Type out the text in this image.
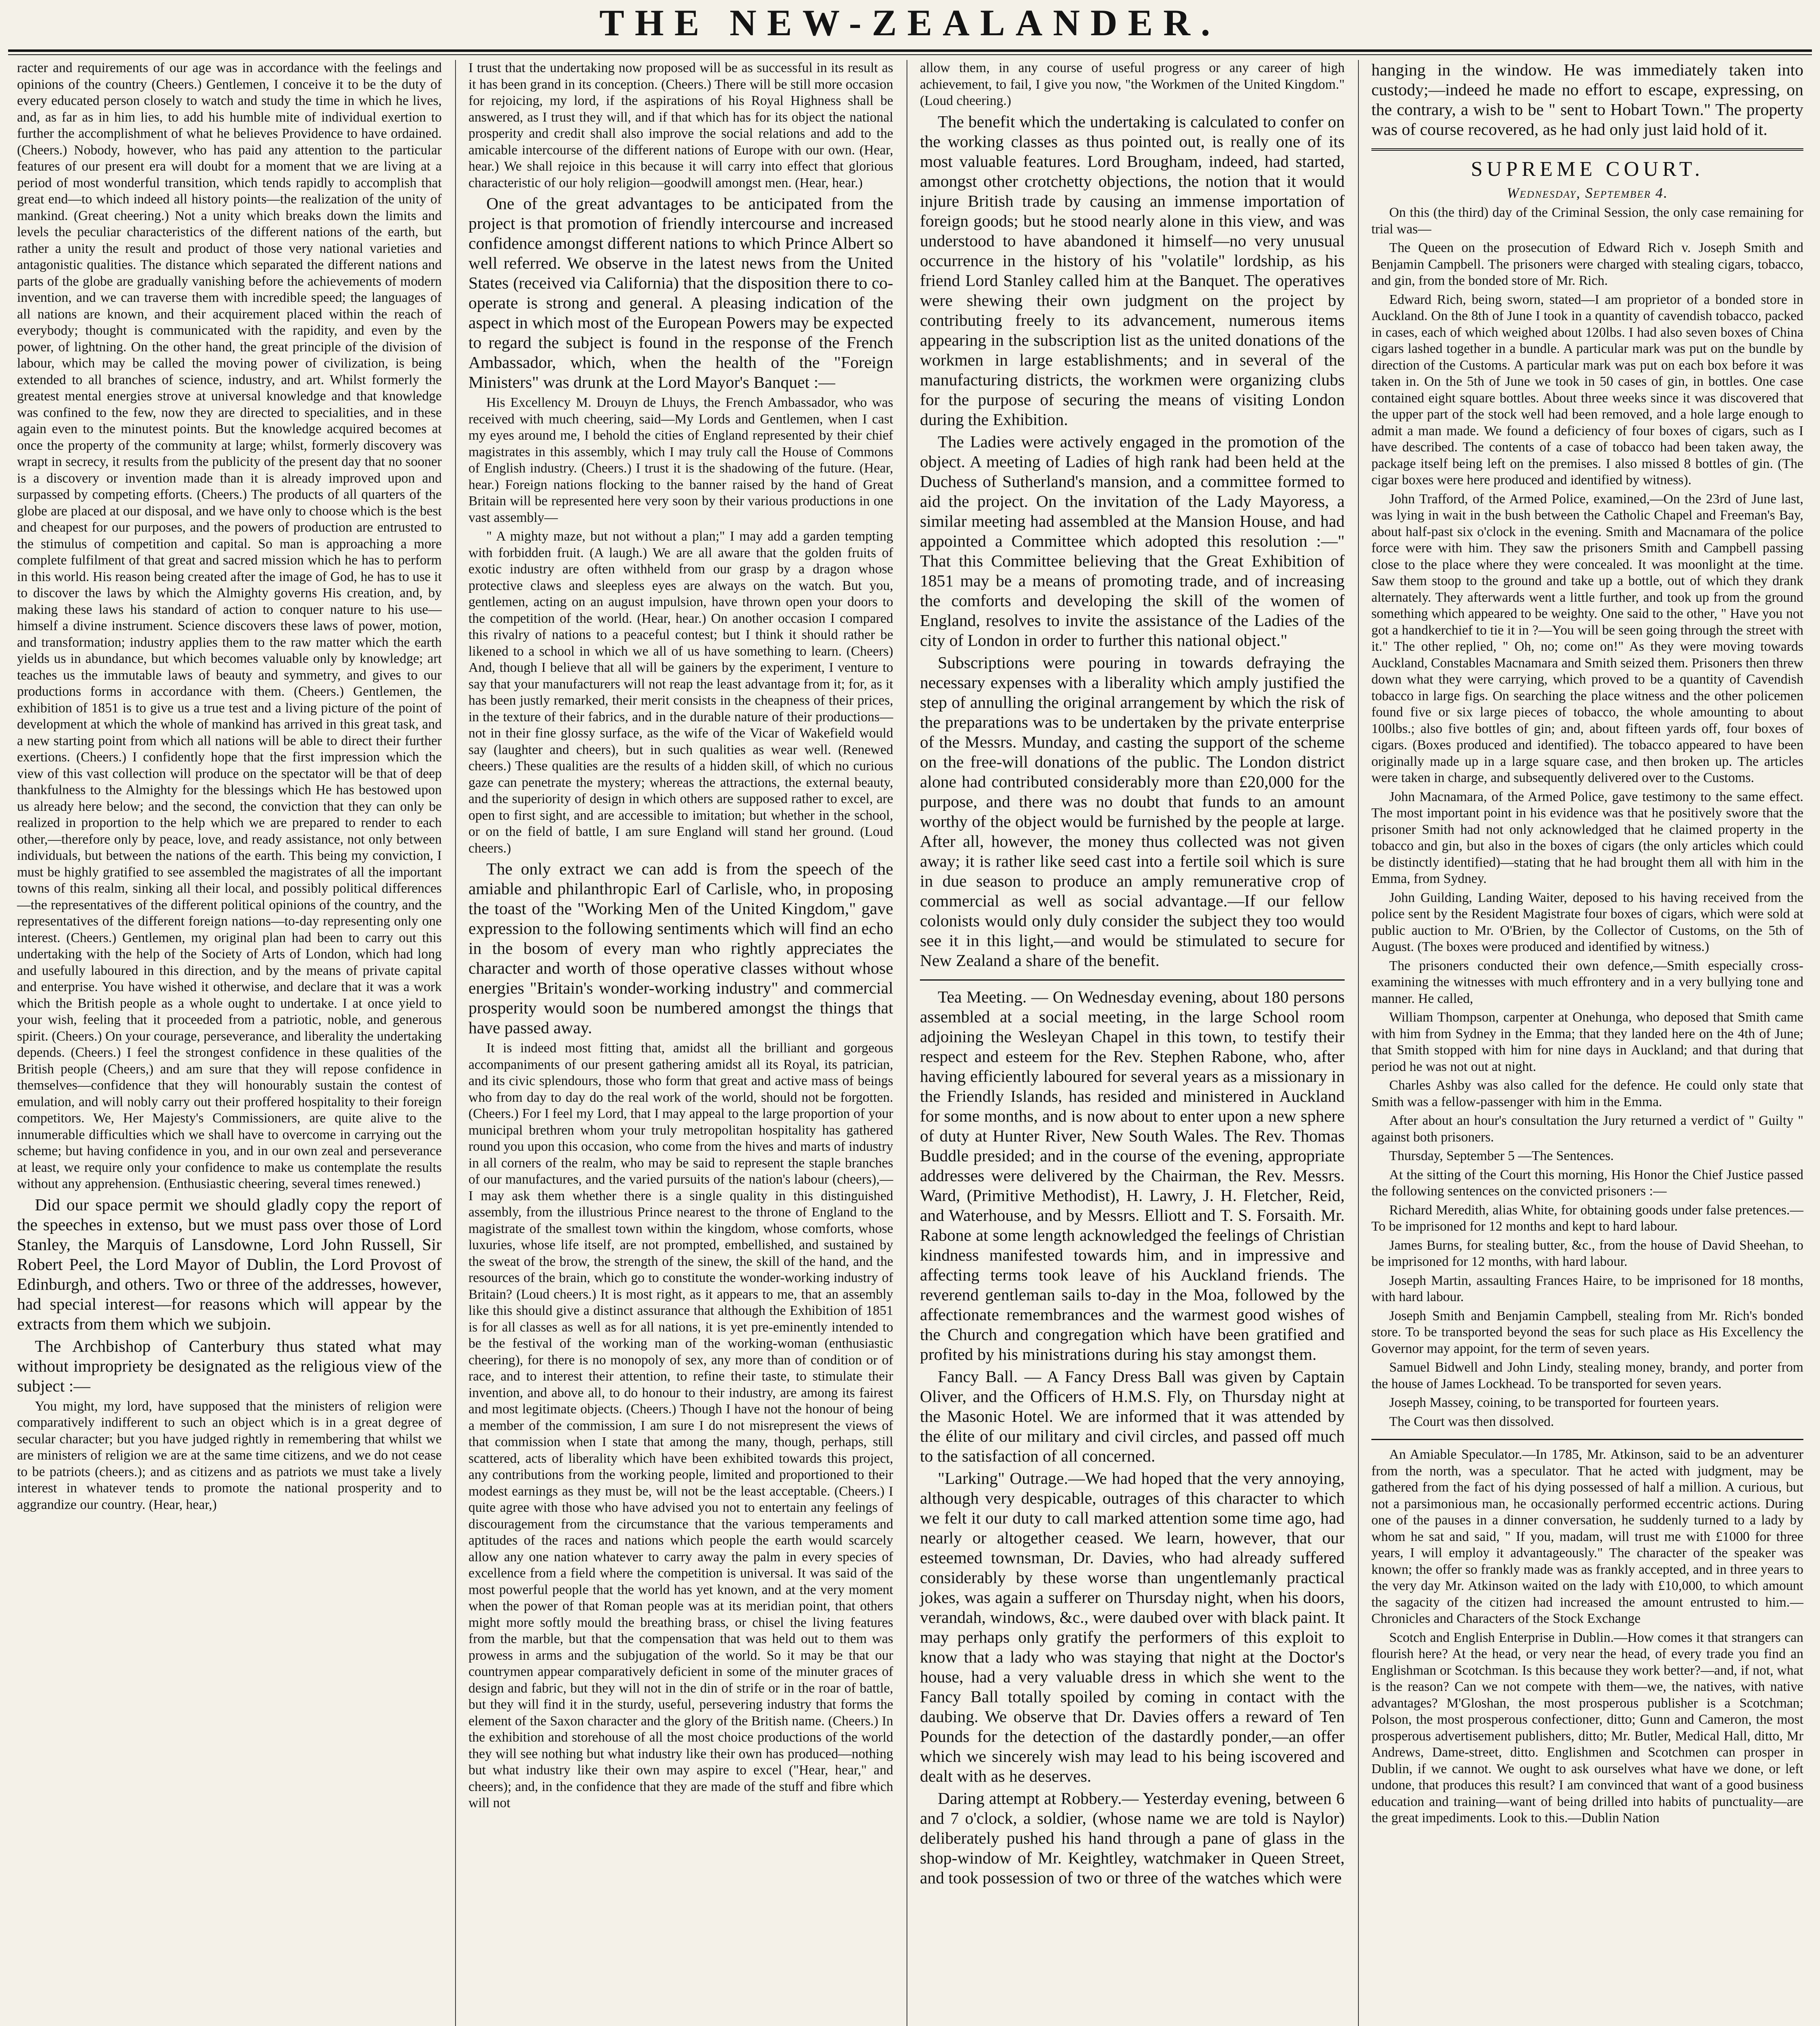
THE NEW-ZEALANDER.

racter and requirements of our age was in accordance with the feelings and opinions of the country (Cheers.) Gentlemen, I conceive it to be the duty of every educated person closely to watch and study the time in which he lives, and, as far as in him lies, to add his humble mite of individual exertion to further the accomplishment of what he believes Providence to have ordained. (Cheers.) Nobody, however, who has paid any attention to the particular features of our present era will doubt for a moment that we are living at a period of most wonderful transition, which tends rapidly to accomplish that great end—to which indeed all history points—the realization of the unity of mankind. (Great cheering.) Not a unity which breaks down the limits and levels the peculiar characteristics of the different nations of the earth, but rather a unity the result and product of those very national varieties and antagonistic qualities. The distance which separated the different nations and parts of the globe are gradually vanishing before the achievements of modern invention, and we can traverse them with incredible speed; the languages of all nations are known, and their acquirement placed within the reach of everybody; thought is communicated with the rapidity, and even by the power, of lightning. On the other hand, the great principle of the division of labour, which may be called the moving power of civilization, is being extended to all branches of science, industry, and art. Whilst formerly the greatest mental energies strove at universal knowledge and that knowledge was confined to the few, now they are directed to specialities, and in these again even to the minutest points. But the knowledge acquired becomes at once the property of the community at large; whilst, formerly discovery was wrapt in secrecy, it results from the publicity of the present day that no sooner is a discovery or invention made than it is already improved upon and surpassed by competing efforts. (Cheers.) The products of all quarters of the globe are placed at our disposal, and we have only to choose which is the best and cheapest for our purposes, and the powers of production are entrusted to the stimulus of competition and capital. So man is approaching a more complete fulfilment of that great and sacred mission which he has to perform in this world. His reason being created after the image of God, he has to use it to discover the laws by which the Almighty governs His creation, and, by making these laws his standard of action to conquer nature to his use—himself a divine instrument. Science discovers these laws of power, motion, and transformation; industry applies them to the raw matter which the earth yields us in abundance, but which becomes valuable only by knowledge; art teaches us the immutable laws of beauty and symmetry, and gives to our productions forms in accordance with them. (Cheers.) Gentlemen, the exhibition of 1851 is to give us a true test and a living picture of the point of development at which the whole of mankind has arrived in this great task, and a new starting point from which all nations will be able to direct their further exertions. (Cheers.) I confidently hope that the first impression which the view of this vast collection will produce on the spectator will be that of deep thankfulness to the Almighty for the blessings which He has bestowed upon us already here below; and the second, the conviction that they can only be realized in proportion to the help which we are prepared to render to each other,—therefore only by peace, love, and ready assistance, not only between individuals, but between the nations of the earth. This being my conviction, I must be highly gratified to see assembled the magistrates of all the important towns of this realm, sinking all their local, and possibly political differences—the representatives of the different political opinions of the country, and the representatives of the different foreign nations—to-day representing only one interest. (Cheers.) Gentlemen, my original plan had been to carry out this undertaking with the help of the Society of Arts of London, which had long and usefully laboured in this direction, and by the means of private capital and enterprise. You have wished it otherwise, and declare that it was a work which the British people as a whole ought to undertake. I at once yield to your wish, feeling that it proceeded from a patriotic, noble, and generous spirit. (Cheers.) On your courage, perseverance, and liberality the undertaking depends. (Cheers.) I feel the strongest confidence in these qualities of the British people (Cheers,) and am sure that they will repose confidence in themselves—confidence that they will honourably sustain the contest of emulation, and will nobly carry out their proffered hospitality to their foreign competitors. We, Her Majesty's Commissioners, are quite alive to the innumerable difficulties which we shall have to overcome in carrying out the scheme; but having confidence in you, and in our own zeal and perseverance at least, we require only your confidence to make us contemplate the results without any apprehension. (Enthusiastic cheering, several times renewed.)

Did our space permit we should gladly copy the report of the speeches in extenso, but we must pass over those of Lord Stanley, the Marquis of Lansdowne, Lord John Russell, Sir Robert Peel, the Lord Mayor of Dublin, the Lord Provost of Edinburgh, and others. Two or three of the addresses, however, had special interest—for reasons which will appear by the extracts from them which we subjoin.

The Archbishop of Canterbury thus stated what may without impropriety be designated as the religious view of the subject :—

You might, my lord, have supposed that the ministers of religion were comparatively indifferent to such an object which is in a great degree of secular character; but you have judged rightly in remembering that whilst we are ministers of religion we are at the same time citizens, and we do not cease to be patriots (cheers.); and as citizens and as patriots we must take a lively interest in whatever tends to promote the national prosperity and to aggrandize our country. (Hear, hear,)

I trust that the undertaking now proposed will be as successful in its result as it has been grand in its conception. (Cheers.) There will be still more occasion for rejoicing, my lord, if the aspirations of his Royal Highness shall be answered, as I trust they will, and if that which has for its object the national prosperity and credit shall also improve the social relations and add to the amicable intercourse of the different nations of Europe with our own. (Hear, hear.) We shall rejoice in this because it will carry into effect that glorious characteristic of our holy religion—goodwill amongst men. (Hear, hear.)

One of the great advantages to be anticipated from the project is that promotion of friendly intercourse and increased confidence amongst different nations to which Prince Albert so well referred. We observe in the latest news from the United States (received via California) that the disposition there to co-operate is strong and general. A pleasing indication of the aspect in which most of the European Powers may be expected to regard the subject is found in the response of the French Ambassador, which, when the health of the "Foreign Ministers" was drunk at the Lord Mayor's Banquet :—

His Excellency M. Drouyn de Lhuys, the French Ambassador, who was received with much cheering, said—My Lords and Gentlemen, when I cast my eyes around me, I behold the cities of England represented by their chief magistrates in this assembly, which I may truly call the House of Commons of English industry. (Cheers.) I trust it is the shadowing of the future. (Hear, hear.) Foreign nations flocking to the banner raised by the hand of Great Britain will be represented here very soon by their various productions in one vast assembly—

" A mighty maze, but not without a plan;" I may add a garden tempting with forbidden fruit. (A laugh.) We are all aware that the golden fruits of exotic industry are often withheld from our grasp by a dragon whose protective claws and sleepless eyes are always on the watch. But you, gentlemen, acting on an august impulsion, have thrown open your doors to the competition of the world. (Hear, hear.) On another occasion I compared this rivalry of nations to a peaceful contest; but I think it should rather be likened to a school in which we all of us have something to learn. (Cheers) And, though I believe that all will be gainers by the experiment, I venture to say that your manufacturers will not reap the least advantage from it; for, as it has been justly remarked, their merit consists in the cheapness of their prices, in the texture of their fabrics, and in the durable nature of their productions—not in their fine glossy surface, as the wife of the Vicar of Wakefield would say (laughter and cheers), but in such qualities as wear well. (Renewed cheers.) These qualities are the results of a hidden skill, of which no curious gaze can penetrate the mystery; whereas the attractions, the external beauty, and the superiority of design in which others are supposed rather to excel, are open to first sight, and are accessible to imitation; but whether in the school, or on the field of battle, I am sure England will stand her ground. (Loud cheers.)

The only extract we can add is from the speech of the amiable and philanthropic Earl of Carlisle, who, in proposing the toast of the "Working Men of the United Kingdom," gave expression to the following sentiments which will find an echo in the bosom of every man who rightly appreciates the character and worth of those operative classes without whose energies "Britain's wonder-working industry" and commercial prosperity would soon be numbered amongst the things that have passed away.

It is indeed most fitting that, amidst all the brilliant and gorgeous accompaniments of our present gathering amidst all its Royal, its patrician, and its civic splendours, those who form that great and active mass of beings who from day to day do the real work of the world, should not be forgotten. (Cheers.) For I feel my Lord, that I may appeal to the large proportion of your municipal brethren whom your truly metropolitan hospitality has gathered round you upon this occasion, who come from the hives and marts of industry in all corners of the realm, who may be said to represent the staple branches of our manufactures, and the varied pursuits of the nation's labour (cheers),—I may ask them whether there is a single quality in this distinguished assembly, from the illustrious Prince nearest to the throne of England to the magistrate of the smallest town within the kingdom, whose comforts, whose luxuries, whose life itself, are not prompted, embellished, and sustained by the sweat of the brow, the strength of the sinew, the skill of the hand, and the resources of the brain, which go to constitute the wonder-working industry of Britain? (Loud cheers.) It is most right, as it appears to me, that an assembly like this should give a distinct assurance that although the Exhibition of 1851 is for all classes as well as for all nations, it is yet pre-eminently intended to be the festival of the working man of the working-woman (enthusiastic cheering), for there is no monopoly of sex, any more than of condition or of race, and to interest their attention, to refine their taste, to stimulate their invention, and above all, to do honour to their industry, are among its fairest and most legitimate objects. (Cheers.) Though I have not the honour of being a member of the commission, I am sure I do not misrepresent the views of that commission when I state that among the many, though, perhaps, still scattered, acts of liberality which have been exhibited towards this project, any contributions from the working people, limited and proportioned to their modest earnings as they must be, will not be the least acceptable. (Cheers.) I quite agree with those who have advised you not to entertain any feelings of discouragement from the circumstance that the various temperaments and aptitudes of the races and nations which people the earth would scarcely allow any one nation whatever to carry away the palm in every species of excellence from a field where the competition is universal. It was said of the most powerful people that the world has yet known, and at the very moment when the power of that Roman people was at its meridian point, that others might more softly mould the breathing brass, or chisel the living features from the marble, but that the compensation that was held out to them was prowess in arms and the subjugation of the world. So it may be that our countrymen appear comparatively deficient in some of the minuter graces of design and fabric, but they will not in the din of strife or in the roar of battle, but they will find it in the sturdy, useful, persevering industry that forms the element of the Saxon character and the glory of the British name. (Cheers.) In the exhibition and storehouse of all the most choice productions of the world they will see nothing but what industry like their own has produced—nothing but what industry like their own may aspire to excel ("Hear, hear," and cheers); and, in the confidence that they are made of the stuff and fibre which will not

allow them, in any course of useful progress or any career of high achievement, to fail, I give you now, "the Workmen of the United Kingdom." (Loud cheering.)

The benefit which the undertaking is calculated to confer on the working classes as thus pointed out, is really one of its most valuable features. Lord Brougham, indeed, had started, amongst other crotchetty objections, the notion that it would injure British trade by causing an immense importation of foreign goods; but he stood nearly alone in this view, and was understood to have abandoned it himself—no very unusual occurrence in the history of his "volatile" lordship, as his friend Lord Stanley called him at the Banquet. The operatives were shewing their own judgment on the project by contributing freely to its advancement, numerous items appearing in the subscription list as the united donations of the workmen in large establishments; and in several of the manufacturing districts, the workmen were organizing clubs for the purpose of securing the means of visiting London during the Exhibition.

The Ladies were actively engaged in the promotion of the object. A meeting of Ladies of high rank had been held at the Duchess of Sutherland's mansion, and a committee formed to aid the project. On the invitation of the Lady Mayoress, a similar meeting had assembled at the Mansion House, and had appointed a Committee which adopted this resolution :—" That this Committee believing that the Great Exhibition of 1851 may be a means of promoting trade, and of increasing the comforts and developing the skill of the women of England, resolves to invite the assistance of the Ladies of the city of London in order to further this national object."

Subscriptions were pouring in towards defraying the necessary expenses with a liberality which amply justified the step of annulling the original arrangement by which the risk of the preparations was to be undertaken by the private enterprise of the Messrs. Munday, and casting the support of the scheme on the free-will donations of the public. The London district alone had contributed considerably more than £20,000 for the purpose, and there was no doubt that funds to an amount worthy of the object would be furnished by the people at large. After all, however, the money thus collected was not given away; it is rather like seed cast into a fertile soil which is sure in due season to produce an amply remunerative crop of commercial as well as social advantage.—If our fellow colonists would only duly consider the subject they too would see it in this light,—and would be stimulated to secure for New Zealand a share of the benefit.

Tea Meeting. — On Wednesday evening, about 180 persons assembled at a social meeting, in the large School room adjoining the Wesleyan Chapel in this town, to testify their respect and esteem for the Rev. Stephen Rabone, who, after having efficiently laboured for several years as a missionary in the Friendly Islands, has resided and ministered in Auckland for some months, and is now about to enter upon a new sphere of duty at Hunter River, New South Wales. The Rev. Thomas Buddle presided; and in the course of the evening, appropriate addresses were delivered by the Chairman, the Rev. Messrs. Ward, (Primitive Methodist), H. Lawry, J. H. Fletcher, Reid, and Waterhouse, and by Messrs. Elliott and T. S. Forsaith. Mr. Rabone at some length acknowledged the feelings of Christian kindness manifested towards him, and in impressive and affecting terms took leave of his Auckland friends. The reverend gentleman sails to-day in the Moa, followed by the affectionate remembrances and the warmest good wishes of the Church and congregation which have been gratified and profited by his ministrations during his stay amongst them.

Fancy Ball. — A Fancy Dress Ball was given by Captain Oliver, and the Officers of H.M.S. Fly, on Thursday night at the Masonic Hotel. We are informed that it was attended by the élite of our military and civil circles, and passed off much to the satisfaction of all concerned.

"Larking" Outrage.—We had hoped that the very annoying, although very despicable, outrages of this character to which we felt it our duty to call marked attention some time ago, had nearly or altogether ceased. We learn, however, that our esteemed townsman, Dr. Davies, who had already suffered considerably by these worse than ungentlemanly practical jokes, was again a sufferer on Thursday night, when his doors, verandah, windows, &c., were daubed over with black paint. It may perhaps only gratify the performers of this exploit to know that a lady who was staying that night at the Doctor's house, had a very valuable dress in which she went to the Fancy Ball totally spoiled by coming in contact with the daubing. We observe that Dr. Davies offers a reward of Ten Pounds for the detection of the dastardly ponder,—an offer which we sincerely wish may lead to his being iscovered and dealt with as he deserves.

Daring attempt at Robbery.— Yesterday evening, between 6 and 7 o'clock, a soldier, (whose name we are told is Naylor) deliberately pushed his hand through a pane of glass in the shop-window of Mr. Keightley, watchmaker in Queen Street, and took possession of two or three of the watches which were

hanging in the window. He was immediately taken into custody;—indeed he made no effort to escape, expressing, on the contrary, a wish to be " sent to Hobart Town." The property was of course recovered, as he had only just laid hold of it.

SUPREME COURT.
Wednesday, September 4.

On this (the third) day of the Criminal Session, the only case remaining for trial was—

The Queen on the prosecution of Edward Rich v. Joseph Smith and Benjamin Campbell. The prisoners were charged with stealing cigars, tobacco, and gin, from the bonded store of Mr. Rich.

Edward Rich, being sworn, stated—I am proprietor of a bonded store in Auckland. On the 8th of June I took in a quantity of cavendish tobacco, packed in cases, each of which weighed about 120lbs. I had also seven boxes of China cigars lashed together in a bundle. A particular mark was put on the bundle by direction of the Customs. A particular mark was put on each box before it was taken in. On the 5th of June we took in 50 cases of gin, in bottles. One case contained eight square bottles. About three weeks since it was discovered that the upper part of the stock well had been removed, and a hole large enough to admit a man made. We found a deficiency of four boxes of cigars, such as I have described. The contents of a case of tobacco had been taken away, the package itself being left on the premises. I also missed 8 bottles of gin. (The cigar boxes were here produced and identified by witness).

John Trafford, of the Armed Police, examined,—On the 23rd of June last, was lying in wait in the bush between the Catholic Chapel and Freeman's Bay, about half-past six o'clock in the evening. Smith and Macnamara of the police force were with him. They saw the prisoners Smith and Campbell passing close to the place where they were concealed. It was moonlight at the time. Saw them stoop to the ground and take up a bottle, out of which they drank alternately. They afterwards went a little further, and took up from the ground something which appeared to be weighty. One said to the other, " Have you not got a handkerchief to tie it in ?—You will be seen going through the street with it." The other replied, " Oh, no; come on!" As they were moving towards Auckland, Constables Macnamara and Smith seized them. Prisoners then threw down what they were carrying, which proved to be a quantity of Cavendish tobacco in large figs. On searching the place witness and the other policemen found five or six large pieces of tobacco, the whole amounting to about 100lbs.; also five bottles of gin; and, about fifteen yards off, four boxes of cigars. (Boxes produced and identified). The tobacco appeared to have been originally made up in a large square case, and then broken up. The articles were taken in charge, and subsequently delivered over to the Customs.

John Macnamara, of the Armed Police, gave testimony to the same effect. The most important point in his evidence was that he positively swore that the prisoner Smith had not only acknowledged that he claimed property in the tobacco and gin, but also in the boxes of cigars (the only articles which could be distinctly identified)—stating that he had brought them all with him in the Emma, from Sydney.

John Guilding, Landing Waiter, deposed to his having received from the police sent by the Resident Magistrate four boxes of cigars, which were sold at public auction to Mr. O'Brien, by the Collector of Customs, on the 5th of August. (The boxes were produced and identified by witness.)

The prisoners conducted their own defence,—Smith especially cross-examining the witnesses with much effrontery and in a very bullying tone and manner. He called,

William Thompson, carpenter at Onehunga, who deposed that Smith came with him from Sydney in the Emma; that they landed here on the 4th of June; that Smith stopped with him for nine days in Auckland; and that during that period he was not out at night.

Charles Ashby was also called for the defence. He could only state that Smith was a fellow-passenger with him in the Emma.

After about an hour's consultation the Jury returned a verdict of " Guilty " against both prisoners.

Thursday, September 5 —The Sentences.

At the sitting of the Court this morning, His Honor the Chief Justice passed the following sentences on the convicted prisoners :—

Richard Meredith, alias White, for obtaining goods under false pretences.—To be imprisoned for 12 months and kept to hard labour.

James Burns, for stealing butter, &c., from the house of David Sheehan, to be imprisoned for 12 months, with hard labour.

Joseph Martin, assaulting Frances Haire, to be imprisoned for 18 months, with hard labour.

Joseph Smith and Benjamin Campbell, stealing from Mr. Rich's bonded store. To be transported beyond the seas for such place as His Excellency the Governor may appoint, for the term of seven years.

Samuel Bidwell and John Lindy, stealing money, brandy, and porter from the house of James Lockhead. To be transported for seven years.

Joseph Massey, coining, to be transported for fourteen years.

The Court was then dissolved.

An Amiable Speculator.—In 1785, Mr. Atkinson, said to be an adventurer from the north, was a speculator. That he acted with judgment, may be gathered from the fact of his dying possessed of half a million. A curious, but not a parsimonious man, he occasionally performed eccentric actions. During one of the pauses in a dinner conversation, he suddenly turned to a lady by whom he sat and said, " If you, madam, will trust me with £1000 for three years, I will employ it advantageously." The character of the speaker was known; the offer so frankly made was as frankly accepted, and in three years to the very day Mr. Atkinson waited on the lady with £10,000, to which amount the sagacity of the citizen had increased the amount entrusted to him.—Chronicles and Characters of the Stock Exchange

Scotch and English Enterprise in Dublin.—How comes it that strangers can flourish here? At the head, or very near the head, of every trade you find an Englishman or Scotchman. Is this because they work better?—and, if not, what is the reason? Can we not compete with them—we, the natives, with native advantages? M'Gloshan, the most prosperous publisher is a Scotchman; Polson, the most prosperous confectioner, ditto; Gunn and Cameron, the most prosperous advertisement publishers, ditto; Mr. Butler, Medical Hall, ditto, Mr Andrews, Dame-street, ditto. Englishmen and Scotchmen can prosper in Dublin, if we cannot. We ought to ask ourselves what have we done, or left undone, that produces this result? I am convinced that want of a good business education and training—want of being drilled into habits of punctuality—are the great impediments. Look to this.—Dublin Nation
